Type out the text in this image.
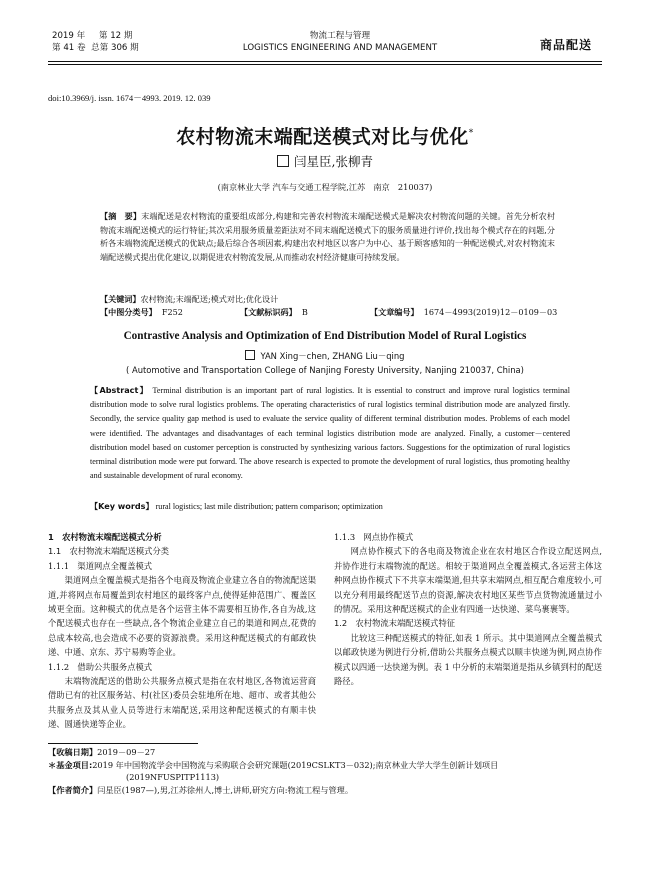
2019 年 第 12 期
第 41 卷 总第 306 期
物流工程与管理
LOGISTICS ENGINEERING AND MANAGEMENT	商品配送
doi:10.3969/j. issn. 1674－4993. 2019. 12. 039
农村物流末端配送模式对比与优化*
闫星臣,张柳青
(南京林业大学 汽车与交通工程学院,江苏　南京　210037)
【摘　要】末端配送是农村物流的重要组成部分,构建和完善农村物流末端配送模式是解决农村物流问题的关键。首先分析农村物流末端配送模式的运行特征;其次采用服务质量差距法对不同末端配送模式下的服务质量进行评价,找出每个模式存在的问题,分析各末端物流配送模式的优缺点;最后综合各项因素,构建出农村地区以客户为中心、基于顾客感知的一种配送模式,对农村物流末端配送模式提出优化建议,以期促进农村物流发展,从而推动农村经济健康可持续发展。
【关键词】农村物流;末端配送;模式对比;优化设计
【中图分类号】 F252	【文献标识码】 B	【文章编号】 1674－4993(2019)12－0109－03
Contrastive Analysis and Optimization of End Distribution Model of Rural Logistics
YAN Xing－chen, ZHANG Liu－qing
( Automotive and Transportation College of Nanjing Foresty University, Nanjing 210037, China)
【Abstract】 Terminal distribution is an important part of rural logistics. It is essential to construct and improve rural logistics terminal distribution mode to solve rural logistics problems. The operating characteristics of rural logistics terminal distribution mode are analyzed firstly. Secondly, the service quality gap method is used to evaluate the service quality of different terminal distribution modes. Problems of each model were identified. The advantages and disadvantages of each terminal logistics distribution mode are analyzed. Finally, a customer－centered distribution model based on customer perception is constructed by synthesizing various factors. Suggestions for the optimization of rural logistics terminal distribution mode were put forward. The above research is expected to promote the development of rural logistics, thus promoting healthy and sustainable development of rural economy.
【Key words】 rural logistics; last mile distribution; pattern comparison; optimization
1　农村物流末端配送模式分析
1.1　农村物流末端配送模式分类
1.1.1　渠道网点全覆盖模式

渠道网点全覆盖模式是指各个电商及物流企业建立各自的物流配送渠道,并将网点布局覆盖到农村地区的最终客户点,使得延伸范围广、覆盖区域更全面。这种模式的优点是各个运营主体不需要相互协作,各自为战,这个配送模式也存在一些缺点,各个物流企业建立自己的渠道和网点,花费的总成本较高,也会造成不必要的资源浪费。采用这种配送模式的有邮政快递、中通、京东、苏宁易购等企业。

1.1.2　借助公共服务点模式

末端物流配送的借助公共服务点模式是指在农村地区,各物流运营商借助已有的社区服务站、村(社区)委员会驻地所在地、超市、或者其他公共服务点及其从业人员等进行末端配送,采用这种配送模式的有顺丰快递、圆通快递等企业。

1.1.3　网点协作模式

网点协作模式下的各电商及物流企业在农村地区合作设立配送网点,并协作进行末端物流的配送。相较于渠道网点全覆盖模式,各运营主体这种网点协作模式下不共享末端渠道,但共享末端网点,相互配合难度较小,可以充分利用最终配送节点的资源,解决农村地区某些节点货物流通量过小的情况。采用这种配送模式的企业有四通一达快递、菜鸟裹裹等。

1.2　农村物流末端配送模式特征

比较这三种配送模式的特征,如表 1 所示。其中渠道网点全覆盖模式以邮政快递为例进行分析,借助公共服务点模式以顺丰快递为例,网点协作模式以四通一达快递为例。表 1 中分析的末端渠道是指从乡镇到村的配送路径。

【收稿日期】2019－09－27
＊基金项目:2019 年中国物流学会中国物流与采购联合会研究课题(2019CSLKT3－032);南京林业大学大学生创新计划项目
(2019NFUSPITP1113)
【作者简介】闫星臣(1987—),男,江苏徐州人,博士,讲师,研究方向:物流工程与管理。
